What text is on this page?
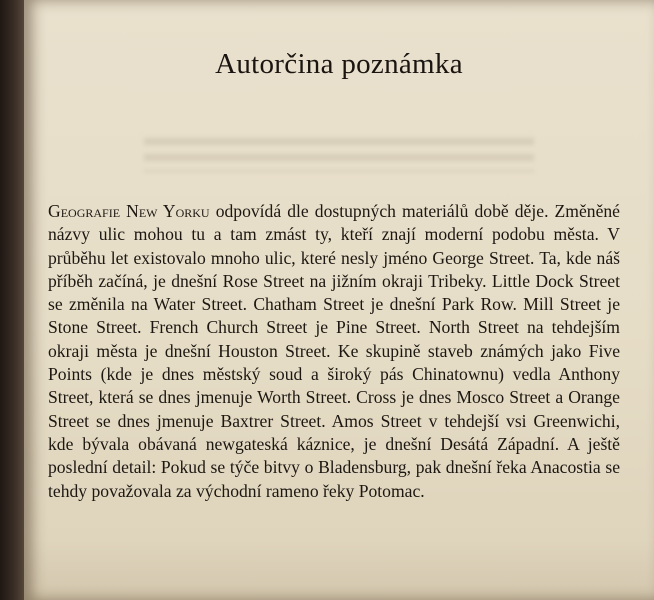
Autorčina poznámka

Geografie New Yorku odpovídá dle dostupných materiálů době děje. Změněné názvy ulic mohou tu a tam zmást ty, kteří znají moderní podobu města. V průběhu let existovalo mnoho ulic, které nesly jméno George Street. Ta, kde náš příběh začíná, je dnešní Rose Street na jižním okraji Tribeky. Little Dock Street se změnila na Water Street. Chatham Street je dnešní Park Row. Mill Street je Stone Street. French Church Street je Pine Street. North Street na tehdejším okraji města je dnešní Houston Street. Ke skupině staveb známých jako Five Points (kde je dnes městský soud a široký pás Chinatownu) vedla Anthony Street, která se dnes jmenuje Worth Street. Cross je dnes Mosco Street a Orange Street se dnes jmenuje Baxtrer Street. Amos Street v tehdejší vsi Greenwichi, kde bývala obávaná newgateská káznice, je dnešní Desátá Západní. A ještě poslední detail: Pokud se týče bitvy o Bladensburg, pak dnešní řeka Anacostia se tehdy považovala za východní rameno řeky Potomac.
